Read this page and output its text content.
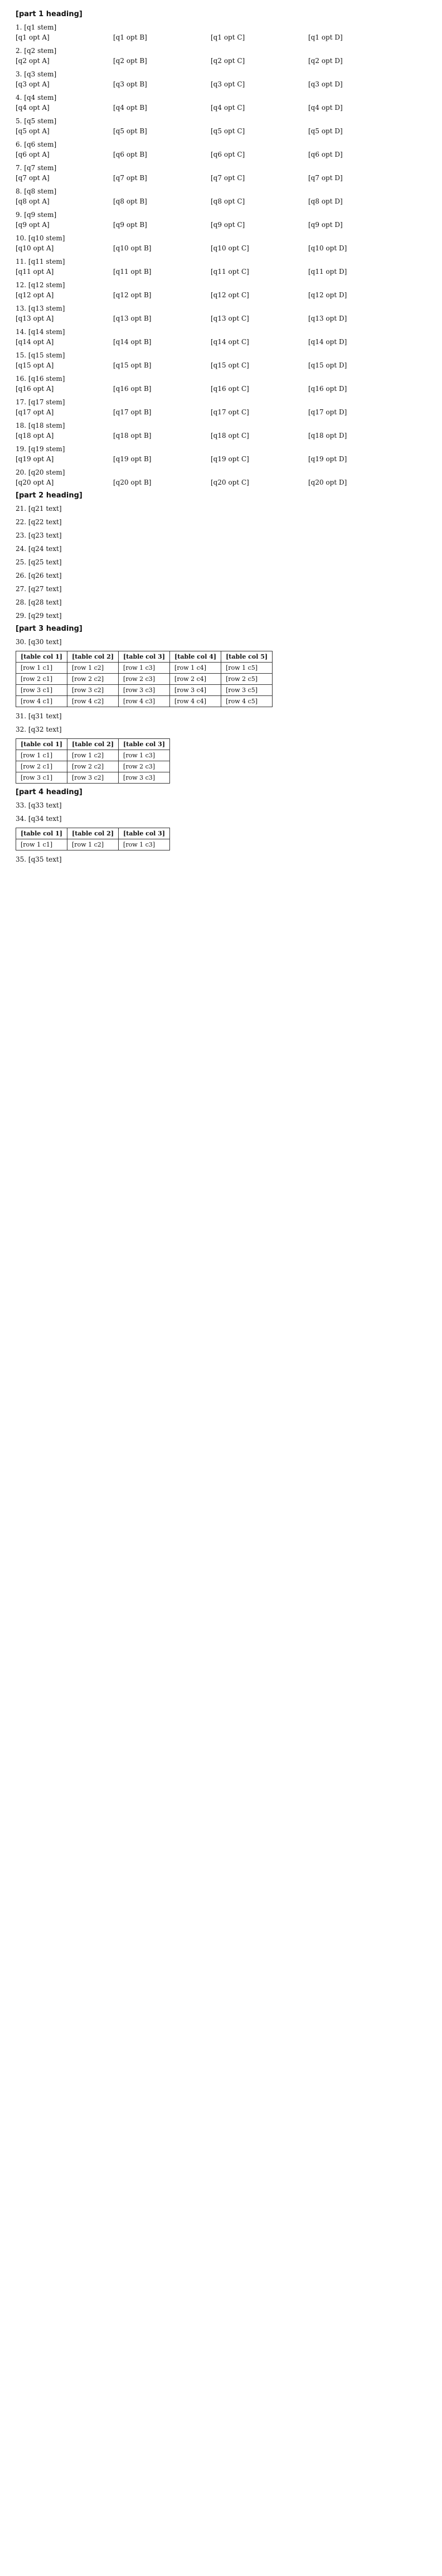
[part 1 heading]
1. [q1 stem]
[q1 opt A]	[q1 opt B]	[q1 opt C]	[q1 opt D]
2. [q2 stem]
[q2 opt A]	[q2 opt B]	[q2 opt C]	[q2 opt D]
3. [q3 stem]
[q3 opt A]	[q3 opt B]	[q3 opt C]	[q3 opt D]
4. [q4 stem]
[q4 opt A]	[q4 opt B]	[q4 opt C]	[q4 opt D]
5. [q5 stem]
[q5 opt A]	[q5 opt B]	[q5 opt C]	[q5 opt D]
6. [q6 stem]
[q6 opt A]	[q6 opt B]	[q6 opt C]	[q6 opt D]
7. [q7 stem]
[q7 opt A]	[q7 opt B]	[q7 opt C]	[q7 opt D]
8. [q8 stem]
[q8 opt A]	[q8 opt B]	[q8 opt C]	[q8 opt D]
9. [q9 stem]
[q9 opt A]	[q9 opt B]	[q9 opt C]	[q9 opt D]
10. [q10 stem]
[q10 opt A]	[q10 opt B]	[q10 opt C]	[q10 opt D]
11. [q11 stem]
[q11 opt A]	[q11 opt B]	[q11 opt C]	[q11 opt D]
12. [q12 stem]
[q12 opt A]	[q12 opt B]	[q12 opt C]	[q12 opt D]
13. [q13 stem]
[q13 opt A]	[q13 opt B]	[q13 opt C]	[q13 opt D]
14. [q14 stem]
[q14 opt A]	[q14 opt B]	[q14 opt C]	[q14 opt D]
15. [q15 stem]
[q15 opt A]	[q15 opt B]	[q15 opt C]	[q15 opt D]
16. [q16 stem]
[q16 opt A]	[q16 opt B]	[q16 opt C]	[q16 opt D]
17. [q17 stem]
[q17 opt A]	[q17 opt B]	[q17 opt C]	[q17 opt D]
18. [q18 stem]
[q18 opt A]	[q18 opt B]	[q18 opt C]	[q18 opt D]
19. [q19 stem]
[q19 opt A]	[q19 opt B]	[q19 opt C]	[q19 opt D]
20. [q20 stem]
[q20 opt A]	[q20 opt B]	[q20 opt C]	[q20 opt D]
[part 2 heading]
21. [q21 text]
22. [q22 text]
23. [q23 text]
24. [q24 text]
25. [q25 text]
26. [q26 text]
27. [q27 text]
28. [q28 text]
29. [q29 text]
[part 3 heading]
30. [q30 text]
[table col 1]	[table col 2]	[table col 3]	[table col 4]	[table col 5]
[row 1 c1]	[row 1 c2]	[row 1 c3]	[row 1 c4]	[row 1 c5]
[row 2 c1]	[row 2 c2]	[row 2 c3]	[row 2 c4]	[row 2 c5]
[row 3 c1]	[row 3 c2]	[row 3 c3]	[row 3 c4]	[row 3 c5]
[row 4 c1]	[row 4 c2]	[row 4 c3]	[row 4 c4]	[row 4 c5]
31. [q31 text]
32. [q32 text]
[table col 1]	[table col 2]	[table col 3]
[row 1 c1]	[row 1 c2]	[row 1 c3]
[row 2 c1]	[row 2 c2]	[row 2 c3]
[row 3 c1]	[row 3 c2]	[row 3 c3]
[part 4 heading]
33. [q33 text]
34. [q34 text]
[table col 1]	[table col 2]	[table col 3]
[row 1 c1]	[row 1 c2]	[row 1 c3]
35. [q35 text]
